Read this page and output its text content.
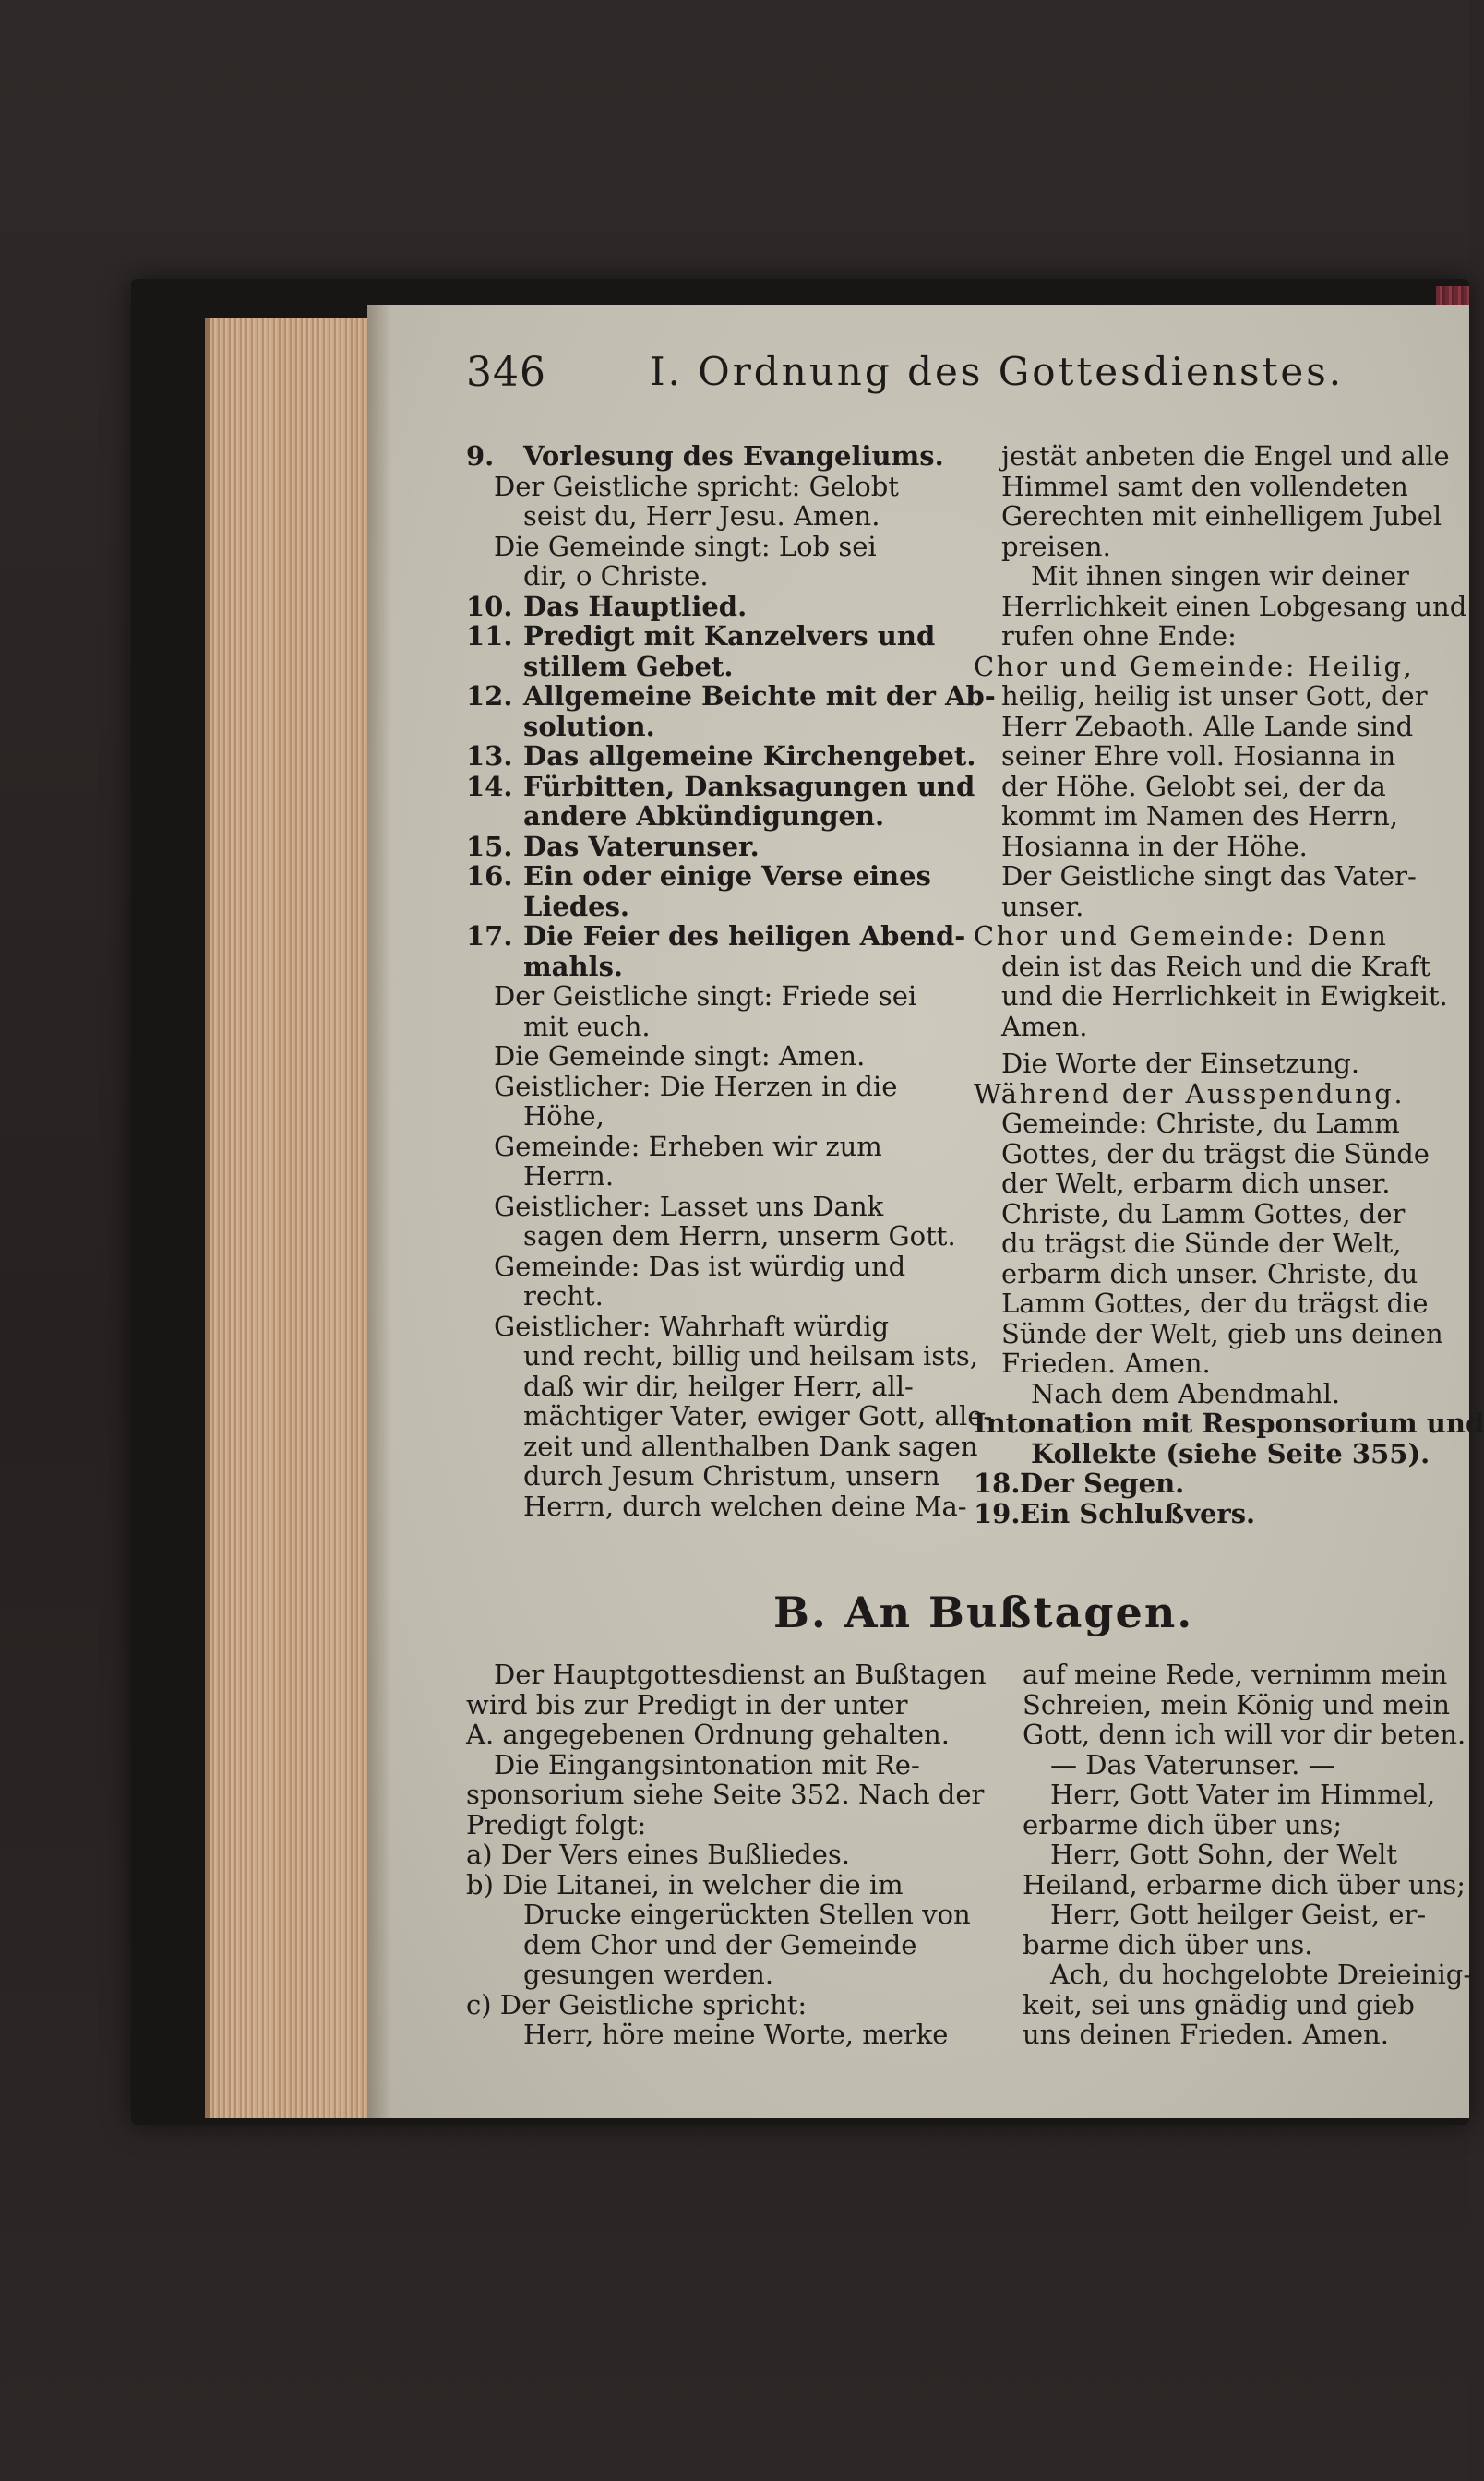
346	I. Ordnung des Gottesdienstes.
9. Vorlesung des Evangeliums.
Der Geistliche spricht: Gelobt
seist du, Herr Jesu. Amen.
Die Gemeinde singt: Lob sei
dir, o Christe.
10. Das Hauptlied.
11. Predigt mit Kanzelvers und
stillem Gebet.
12. Allgemeine Beichte mit der Ab-
solution.
13. Das allgemeine Kirchengebet.
14. Fürbitten, Danksagungen und
andere Abkündigungen.
15. Das Vaterunser.
16. Ein oder einige Verse eines
Liedes.
17. Die Feier des heiligen Abend-
mahls.
Der Geistliche singt: Friede sei
mit euch.
Die Gemeinde singt: Amen.
Geistlicher: Die Herzen in die
Höhe,
Gemeinde: Erheben wir zum
Herrn.
Geistlicher: Lasset uns Dank
sagen dem Herrn, unserm Gott.
Gemeinde: Das ist würdig und
recht.
Geistlicher: Wahrhaft würdig
und recht, billig und heilsam ists,
daß wir dir, heilger Herr, all-
mächtiger Vater, ewiger Gott, alle-
zeit und allenthalben Dank sagen
durch Jesum Christum, unsern
Herrn, durch welchen deine Ma-
jestät anbeten die Engel und alle
Himmel samt den vollendeten
Gerechten mit einhelligem Jubel
preisen.
Mit ihnen singen wir deiner
Herrlichkeit einen Lobgesang und
rufen ohne Ende:
Chor und Gemeinde: Heilig,
heilig, heilig ist unser Gott, der
Herr Zebaoth. Alle Lande sind
seiner Ehre voll. Hosianna in
der Höhe. Gelobt sei, der da
kommt im Namen des Herrn,
Hosianna in der Höhe.
Der Geistliche singt das Vater-
unser.
Chor und Gemeinde: Denn
dein ist das Reich und die Kraft
und die Herrlichkeit in Ewigkeit.
Amen.
Die Worte der Einsetzung.
Während der Ausspendung.
Gemeinde: Christe, du Lamm
Gottes, der du trägst die Sünde
der Welt, erbarm dich unser.
Christe, du Lamm Gottes, der
du trägst die Sünde der Welt,
erbarm dich unser. Christe, du
Lamm Gottes, der du trägst die
Sünde der Welt, gieb uns deinen
Frieden. Amen.
Nach dem Abendmahl.
Intonation mit Responsorium und
Kollekte (siehe Seite 355).
18.Der Segen.
19.Ein Schlußvers.
B. An Bußtagen.
Der Hauptgottesdienst an Bußtagen
wird bis zur Predigt in der unter
A. angegebenen Ordnung gehalten.
Die Eingangsintonation mit Re-
sponsorium siehe Seite 352. Nach der
Predigt folgt:
a) Der Vers eines Bußliedes.
b) Die Litanei, in welcher die im
Drucke eingerückten Stellen von
dem Chor und der Gemeinde
gesungen werden.
c) Der Geistliche spricht:
Herr, höre meine Worte, merke
auf meine Rede, vernimm mein
Schreien, mein König und mein
Gott, denn ich will vor dir beten.
— Das Vaterunser. —
Herr, Gott Vater im Himmel,
erbarme dich über uns;
Herr, Gott Sohn, der Welt
Heiland, erbarme dich über uns;
Herr, Gott heilger Geist, er-
barme dich über uns.
Ach, du hochgelobte Dreieinig-
keit, sei uns gnädig und gieb
uns deinen Frieden. Amen.
